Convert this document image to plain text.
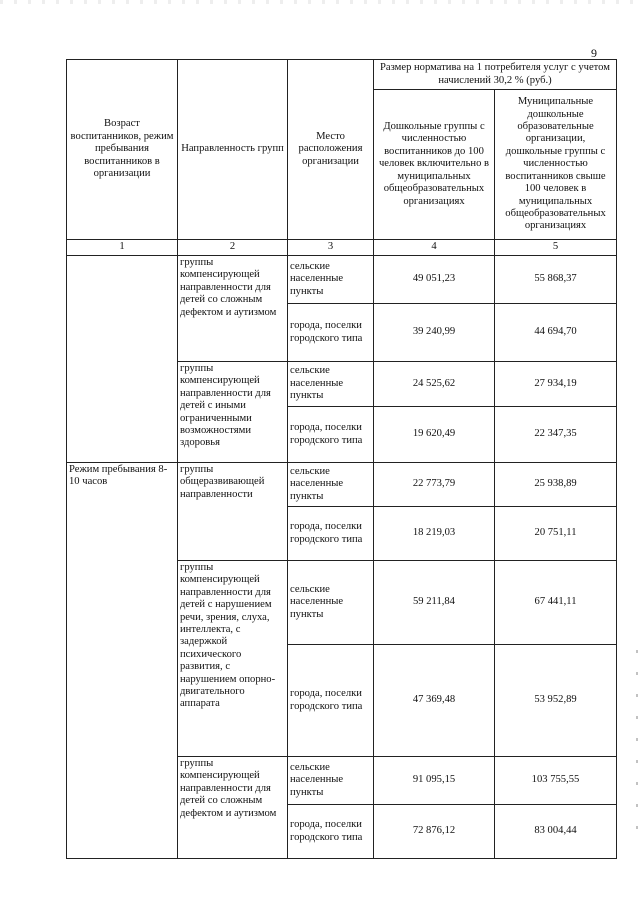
9
Возраст воспитанников, режим пребывания воспитанников в организации	Направленность групп	Место расположения организации	Размер норматива на 1 потребителя услуг с учетом начислений 30,2 % (руб.)	
			Дошкольные группы с численностью воспитанников до 100 человек включительно в муниципальных общеобразовательных организациях	Муниципальные дошкольные образовательные организации, дошкольные группы с численностью воспитанников свыше 100 человек в муниципальных общеобразовательных организациях
1	2	3	4	5
	группы компенсирующей направленности для детей со сложным дефектом и аутизмом	сельские населенные пункты	49 051,23	55 868,37
		города, поселки городского типа	39 240,99	44 694,70
	группы компенсирующей направленности для детей с иными ограниченными возможностями здоровья	сельские населенные пункты	24 525,62	27 934,19
		города, поселки городского типа	19 620,49	22 347,35
Режим пребывания 8-10 часов	группы общеразвивающей направленности	сельские населенные пункты	22 773,79	25 938,89
		города, поселки городского типа	18 219,03	20 751,11
	группы компенсирующей направленности для детей с нарушением речи, зрения, слуха, интеллекта, с задержкой психического развития, с нарушением опорно-двигательного аппарата	сельские населенные пункты	59 211,84	67 441,11
		города, поселки городского типа	47 369,48	53 952,89
	группы компенсирующей направленности для детей со сложным дефектом и аутизмом	сельские населенные пункты	91 095,15	103 755,55
		города, поселки городского типа	72 876,12	83 004,44
